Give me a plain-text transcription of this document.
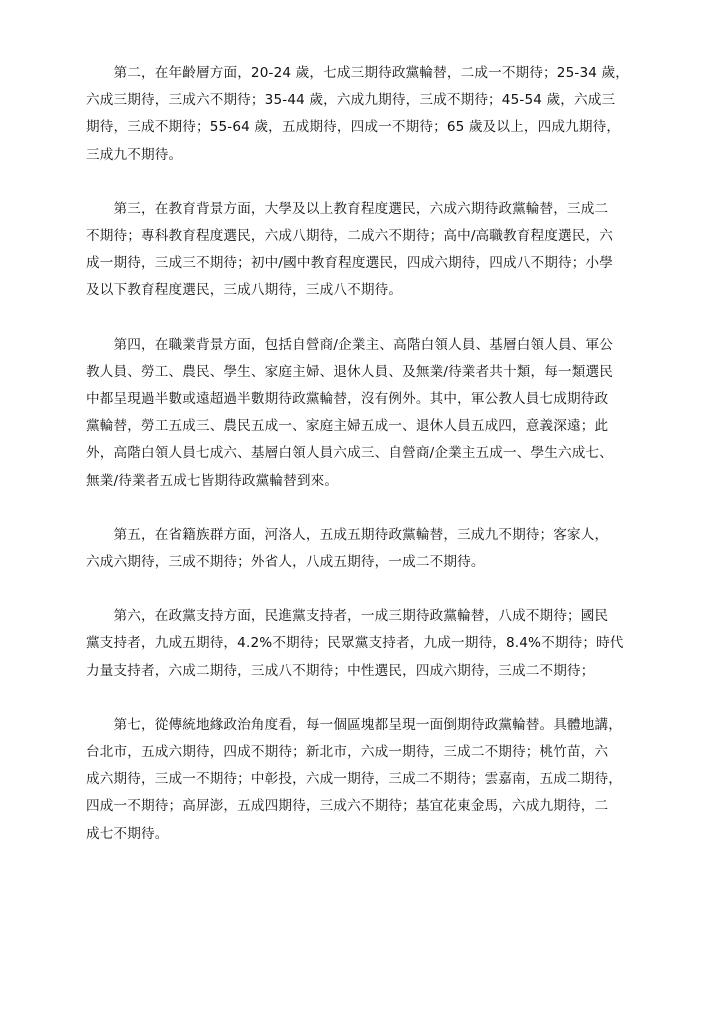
第二，在年齡層方面，20-24 歲，七成三期待政黨輪替，二成一不期待；25-34 歲，
六成三期待，三成六不期待；35-44 歲，六成九期待，三成不期待；45-54 歲，六成三
期待，三成不期待；55-64 歲，五成期待，四成一不期待；65 歲及以上，四成九期待，
三成九不期待。

第三，在教育背景方面，大學及以上教育程度選民，六成六期待政黨輪替，三成二
不期待；專科教育程度選民，六成八期待，二成六不期待；高中/高職教育程度選民，六
成一期待，三成三不期待；初中/國中教育程度選民，四成六期待，四成八不期待；小學
及以下教育程度選民，三成八期待，三成八不期待。

第四，在職業背景方面，包括自營商/企業主、高階白領人員、基層白領人員、軍公
教人員、勞工、農民、學生、家庭主婦、退休人員、及無業/待業者共十類，每一類選民
中都呈現過半數或遠超過半數期待政黨輪替，沒有例外。其中，軍公教人員七成期待政
黨輪替，勞工五成三、農民五成一、家庭主婦五成一、退休人員五成四，意義深遠；此
外，高階白領人員七成六、基層白領人員六成三、自營商/企業主五成一、學生六成七、
無業/待業者五成七皆期待政黨輪替到來。

第五，在省籍族群方面，河洛人，五成五期待政黨輪替，三成九不期待；客家人，
六成六期待，三成不期待；外省人，八成五期待，一成二不期待。

第六，在政黨支持方面，民進黨支持者，一成三期待政黨輪替，八成不期待；國民
黨支持者，九成五期待，4.2%不期待；民眾黨支持者，九成一期待，8.4%不期待；時代
力量支持者，六成二期待，三成八不期待；中性選民，四成六期待，三成二不期待；

第七，從傳統地緣政治角度看，每一個區塊都呈現一面倒期待政黨輪替。具體地講，
台北市，五成六期待，四成不期待；新北市，六成一期待，三成二不期待；桃竹苗，六
成六期待，三成一不期待；中彰投，六成一期待，三成二不期待；雲嘉南，五成二期待，
四成一不期待；高屏澎，五成四期待，三成六不期待；基宜花東金馬，六成九期待，二
成七不期待。
